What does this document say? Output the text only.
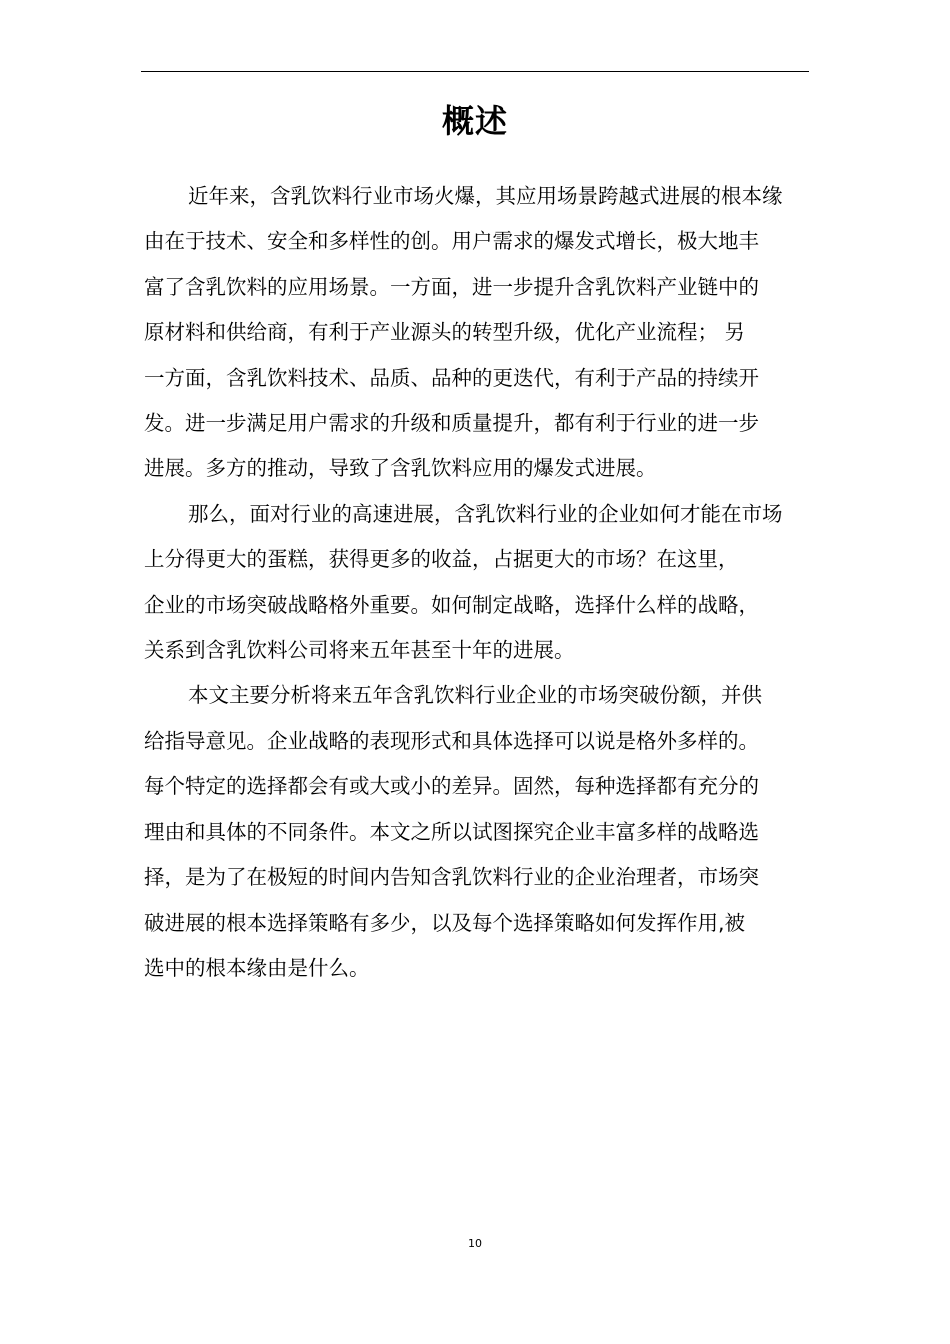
概述

近年来，含乳饮料行业市场火爆，其应用场景跨越式进展的根本缘
由在于技术、安全和多样性的创。用户需求的爆发式增长，极大地丰
富了含乳饮料的应用场景。一方面，进一步提升含乳饮料产业链中的
原材料和供给商，有利于产业源头的转型升级，优化产业流程； 另
一方面，含乳饮料技术、品质、品种的更迭代，有利于产品的持续开
发。进一步满足用户需求的升级和质量提升，都有利于行业的进一步
进展。多方的推动，导致了含乳饮料应用的爆发式进展。

那么，面对行业的高速进展，含乳饮料行业的企业如何才能在市场
上分得更大的蛋糕，获得更多的收益，占据更大的市场？在这里，
企业的市场突破战略格外重要。如何制定战略，选择什么样的战略，
关系到含乳饮料公司将来五年甚至十年的进展。

本文主要分析将来五年含乳饮料行业企业的市场突破份额，并供
给指导意见。企业战略的表现形式和具体选择可以说是格外多样的。
每个特定的选择都会有或大或小的差异。固然，每种选择都有充分的
理由和具体的不同条件。本文之所以试图探究企业丰富多样的战略选
择，是为了在极短的时间内告知含乳饮料行业的企业治理者，市场突
破进展的根本选择策略有多少，以及每个选择策略如何发挥作用,被
选中的根本缘由是什么。

10
